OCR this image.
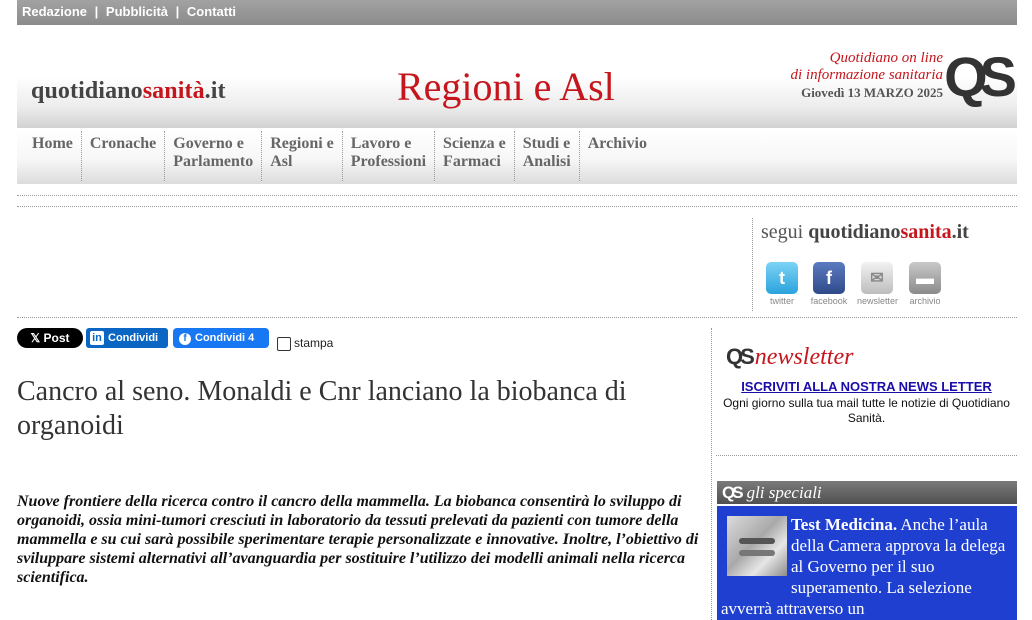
Redazione | Pubblicità | Contatti
quotidianosanità.it	Regioni e Asl
Quotidiano on line
di informazione sanitaria
Giovedì 13 MARZO 2025 QS
Home Cronache Governo e
Parlamento
Regioni e
Asl
Lavoro e
Professioni
Scienza e
Farmaci
Studi e
Analisi
Archivio
segui quotidianosanita.it
t
twitter
f
facebook
✉
newsletter
▬
archivio
𝕏 Post	in Condividi	f Condividi 4	stampa
Cancro al seno. Monaldi e Cnr lanciano la biobanca di organoidi

Nuove frontiere della ricerca contro il cancro della mammella. La biobanca consentirà lo sviluppo di organoidi, ossia mini-tumori cresciuti in laboratorio da tessuti prelevati da pazienti con tumore della mammella e su cui sarà possibile sperimentare terapie personalizzate e innovative. Inoltre, l’obiettivo di sviluppare sistemi alternativi all’avanguardia per sostituire l’utilizzo dei modelli animali nella ricerca scientifica.

QS newsletter
ISCRIVITI ALLA NOSTRA NEWS LETTER
Ogni giorno sulla tua mail tutte le notizie di Quotidiano Sanità.
QS gli speciali
Test Medicina. Anche l’aula della Camera approva la delega al Governo per il suo superamento. La selezione avverrà attraverso un
